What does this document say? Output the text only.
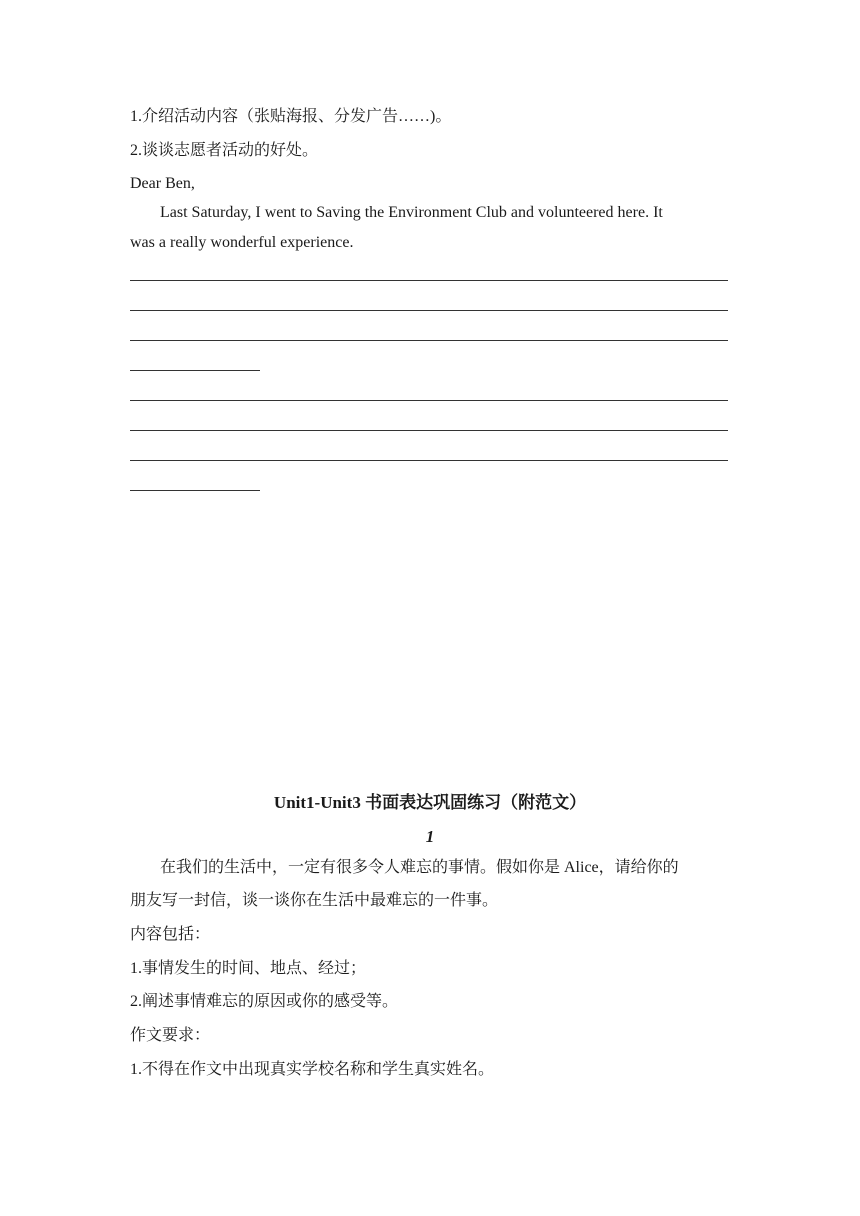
1.介绍活动内容（张贴海报、分发广告……)。
2.谈谈志愿者活动的好处。
Dear Ben,
Last Saturday, I went to Saving the Environment Club and volunteered here. It
was a really wonderful experience.
Unit1-Unit3 书面表达巩固练习（附范文）
1
在我们的生活中，一定有很多令人难忘的事情。假如你是 Alice，请给你的
朋友写一封信，谈一谈你在生活中最难忘的一件事。
内容包括：
1.事情发生的时间、地点、经过；
2.阐述事情难忘的原因或你的感受等。
作文要求：
1.不得在作文中出现真实学校名称和学生真实姓名。
